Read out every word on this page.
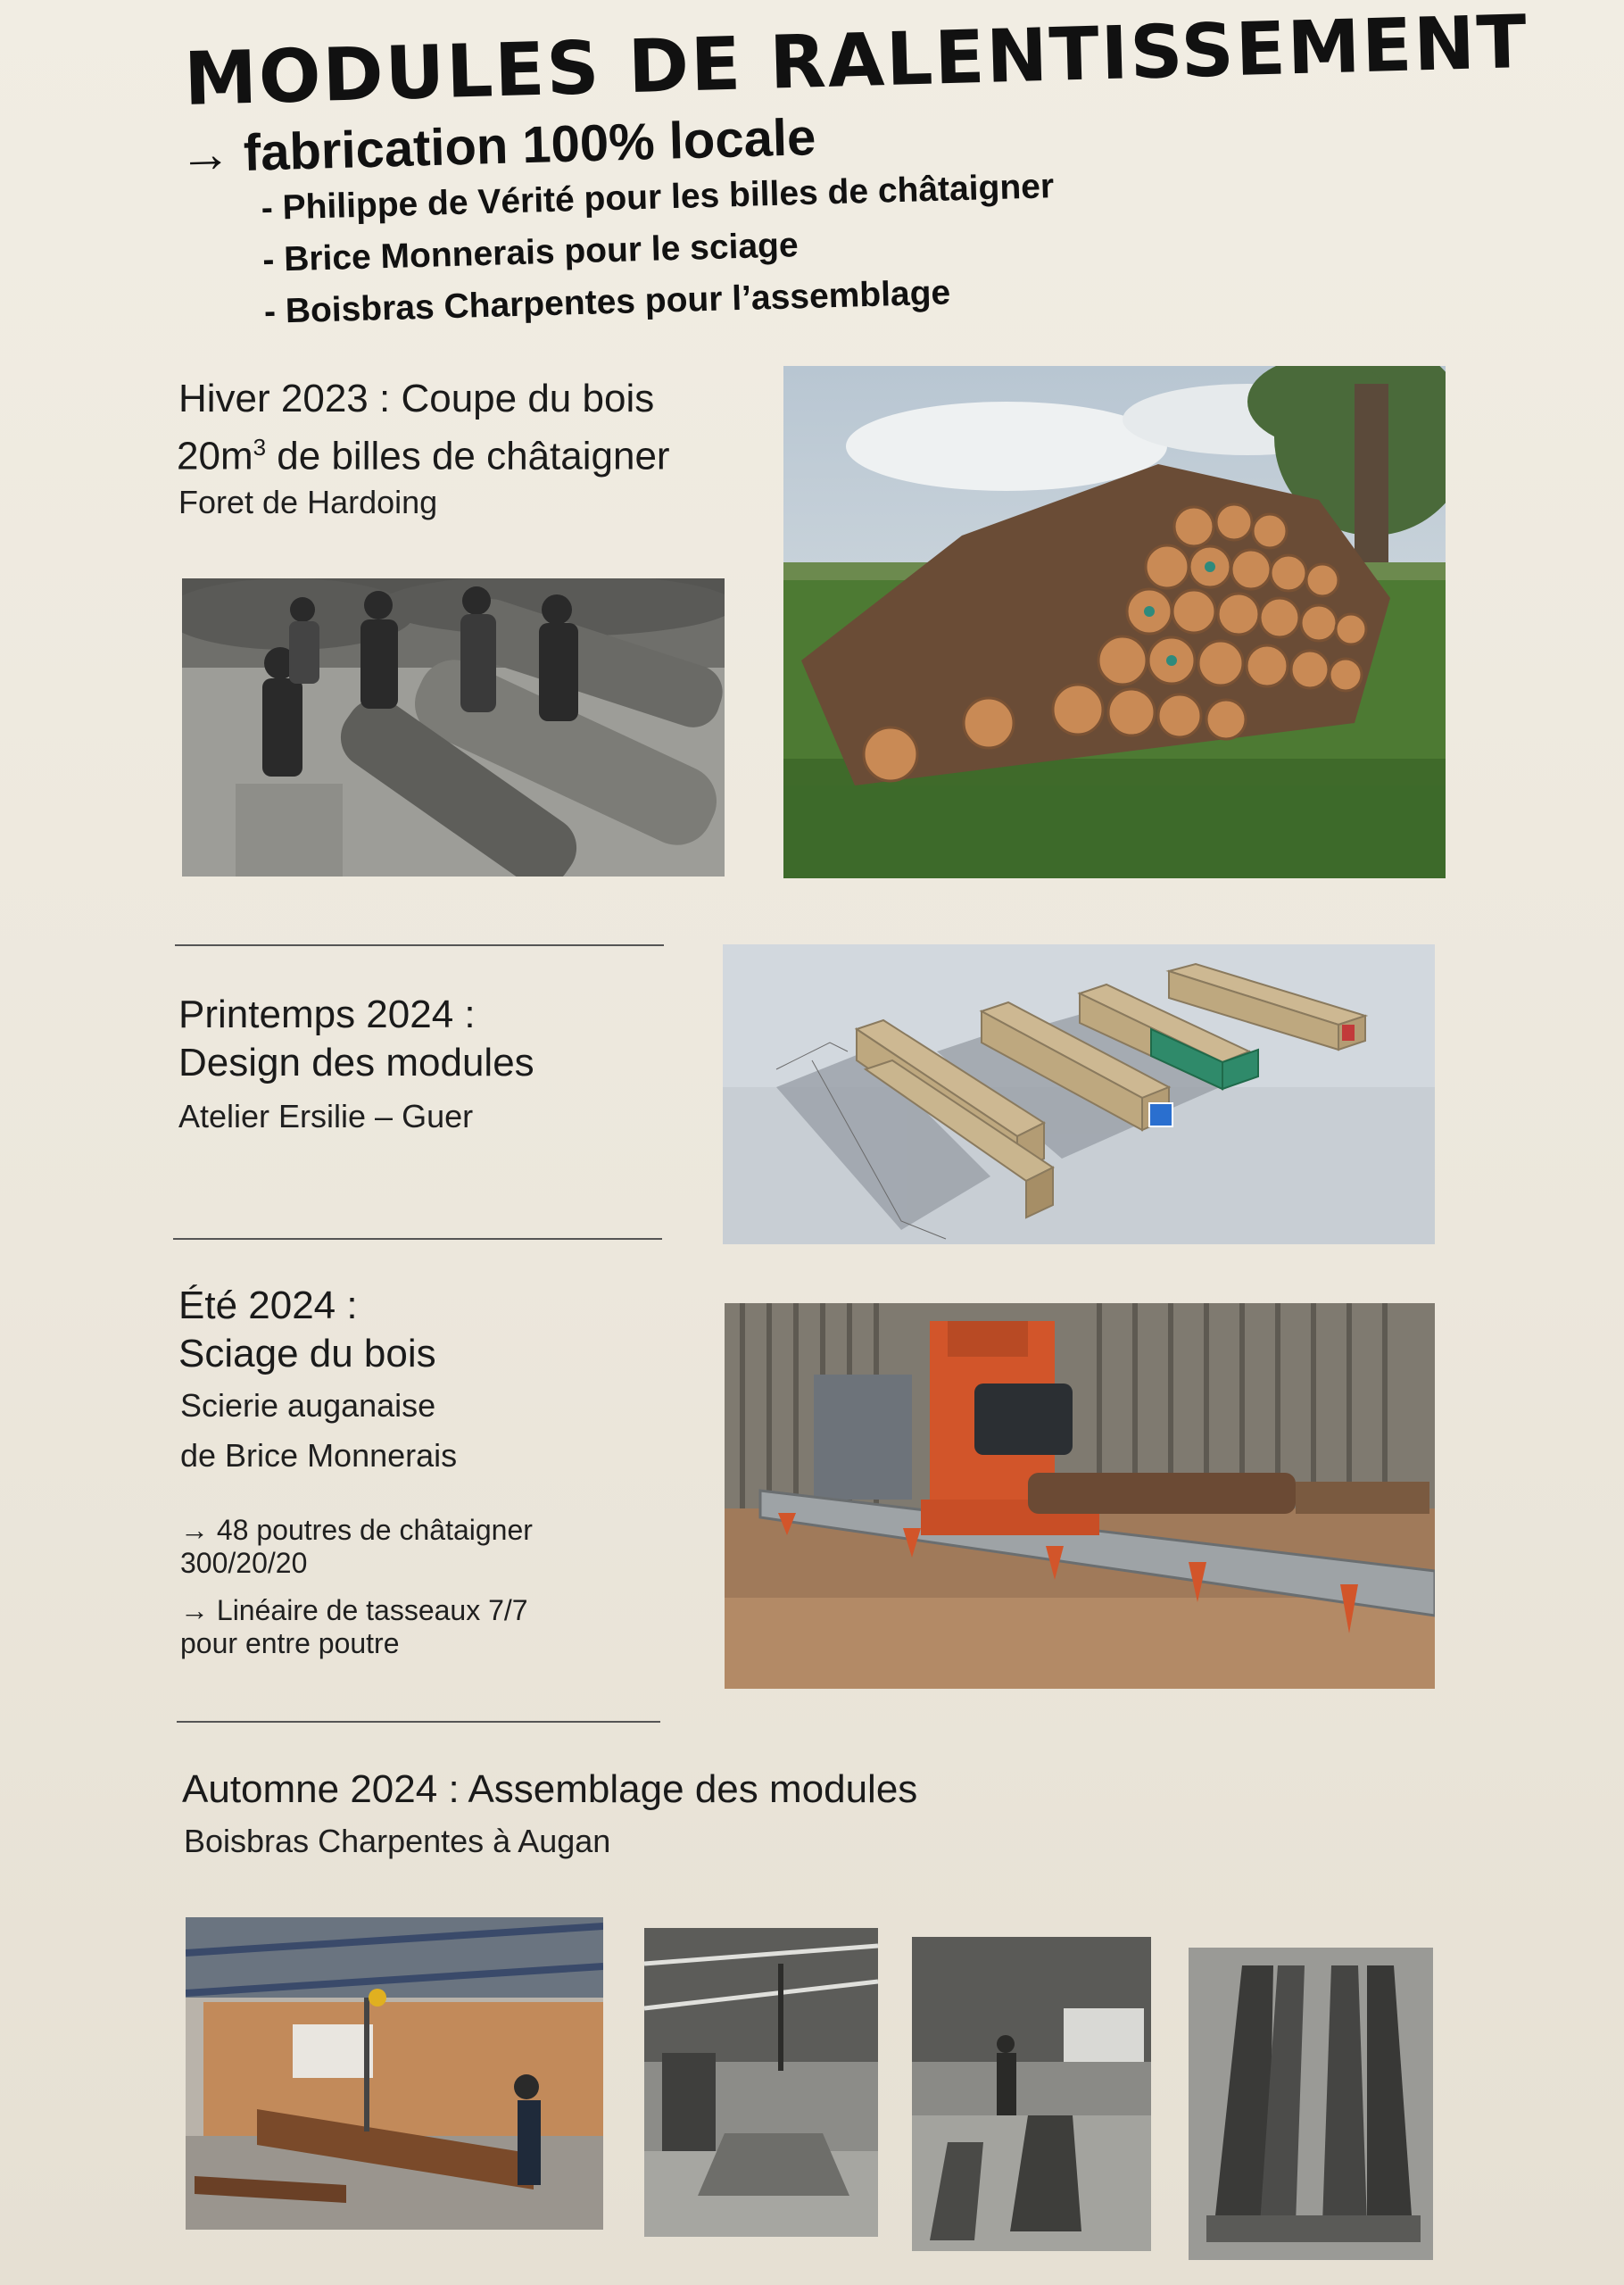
MODULES DE RALENTISSEMENT
→ fabrication 100% locale
- Philippe de Vérité pour les billes de châtaigner
- Brice Monnerais pour le sciage
- Boisbras Charpentes pour l’assemblage
Hiver 2023 : Coupe du bois
$20m^3$ de billes de châtaigner
Foret de Hardoing
Printemps 2024 :
Design des modules
Atelier Ersilie – Guer
Été 2024 :
Sciage du bois
Scierie auganaise
de Brice Monnerais
→ 48 poutres de châtaigner
300/20/20
→ Linéaire de tasseaux 7/7
pour entre poutre
Automne 2024 : Assemblage des modules
Boisbras Charpentes à Augan
